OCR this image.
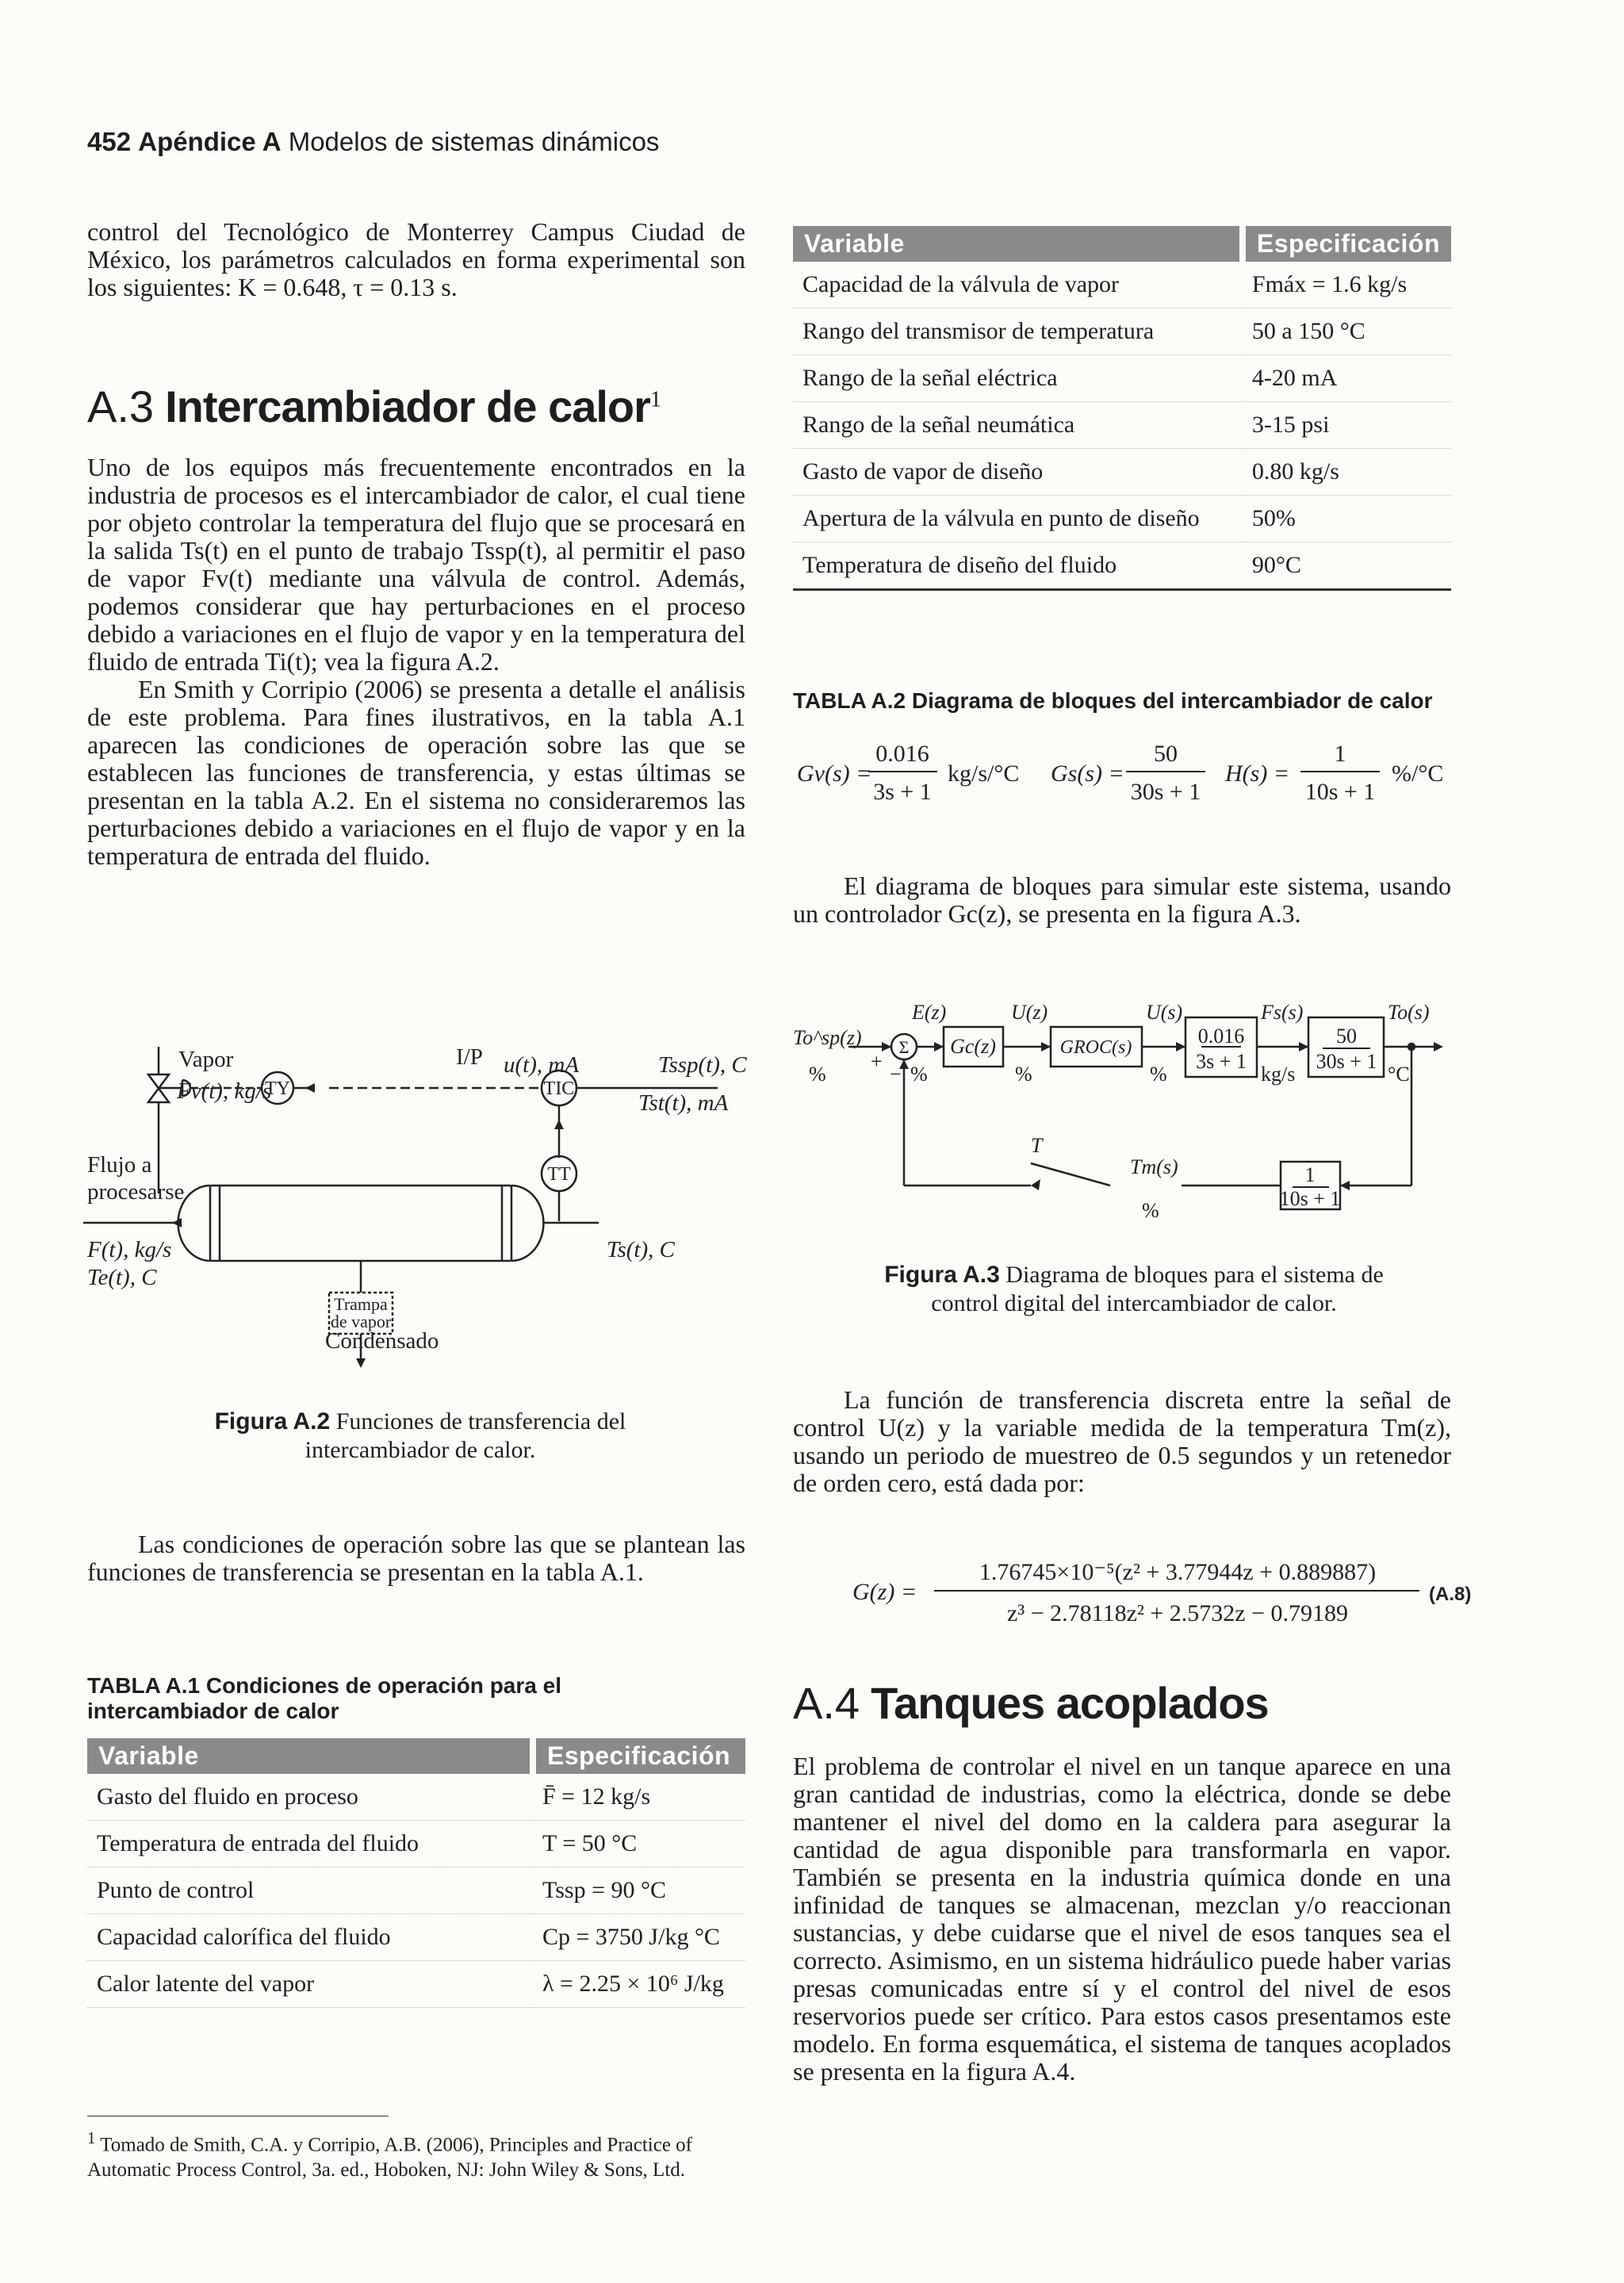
452 Apéndice A Modelos de sistemas dinámicos

control del Tecnológico de Monterrey Campus Ciudad de México, los parámetros calculados en forma experimental son los siguientes: K = 0.648, τ = 0.13 s.

A.3 Intercambiador de calor$^1$

Uno de los equipos más frecuentemente encontrados en la industria de procesos es el intercambiador de calor, el cual tiene por objeto controlar la temperatura del flujo que se procesará en la salida Ts(t) en el punto de trabajo Tssp(t), al permitir el paso de vapor Fv(t) mediante una válvula de control. Además, podemos considerar que hay perturbaciones en el proceso debido a variaciones en el flujo de vapor y en la temperatura del fluido de entrada Ti(t); vea la figura A.2.

En Smith y Corripio (2006) se presenta a detalle el análisis de este problema. Para fines ilustrativos, en la tabla A.1 aparecen las condiciones de operación sobre las que se establecen las funciones de transferencia, y estas últimas se presentan en la tabla A.2. En el sistema no consideraremos las perturbaciones debido a variaciones en el flujo de vapor y en la temperatura de entrada del fluido.

Vapor
Fv(t), kg/s
I/P u(t), mA	Tssp(t), C
Tst(t), mA
Flujo a
procesarse
F(t), kg/s
Te(t), C
Ts(t), C
Condensado
TY	TIC
TT
Trampa
de vapor
Figura A.2 Funciones de transferencia del intercambiador de calor.

Las condiciones de operación sobre las que se plantean las funciones de transferencia se presentan en la tabla A.1.

TABLA A.1 Condiciones de operación para el intercambiador de calor
Variable	Especificación
Gasto del fluido en proceso	F̄ = 12 kg/s
Temperatura de entrada del fluido	T = 50 °C
Punto de control	Tssp = 90 °C
Capacidad calorífica del fluido	Cp = 3750 J/kg °C
Calor latente del vapor	λ = 2.25 × 10⁶ J/kg
$^1$ Tomado de Smith, C.A. y Corripio, A.B. (2006), Principles and Practice of Automatic Process Control, 3a. ed., Hoboken, NJ: John Wiley & Sons, Ltd.
Variable	Especificación
Capacidad de la válvula de vapor	Fmáx = 1.6 kg/s
Rango del transmisor de temperatura	50 a 150 °C
Rango de la señal eléctrica	4-20 mA
Rango de la señal neumática	3-15 psi
Gasto de vapor de diseño	0.80 kg/s
Apertura de la válvula en punto de diseño	50%
Temperatura de diseño del fluido	90°C
TABLA A.2 Diagrama de bloques del intercambiador de calor
Gv(s) =
0.016
3s + 1
kg/s/°C Gs(s) =
50
30s + 1
H(s) =
1
10s + 1
%/°C

El diagrama de bloques para simular este sistema, usando un controlador Gc(z), se presenta en la figura A.3.

To^sp(z)
%
+
−
Σ
E(z)
%
Gc(z)
U(z)
%
GROC(s)
U(s)
%
0.016
3s + 1
Fs(s)
kg/s
50
30s + 1
To(s)
°C
T
Tm(s)
%
1
10s + 1
Figura A.3 Diagrama de bloques para el sistema de control digital del intercambiador de calor.

La función de transferencia discreta entre la señal de control U(z) y la variable medida de la temperatura Tm(z), usando un periodo de muestreo de 0.5 segundos y un retenedor de orden cero, está dada por:

G(z) =
1.76745×10⁻⁵(z² + 3.77944z + 0.889887)
z³ − 2.78118z² + 2.5732z − 0.79189
(A.8)
A.4 Tanques acoplados

El problema de controlar el nivel en un tanque aparece en una gran cantidad de industrias, como la eléctrica, donde se debe mantener el nivel del domo en la caldera para asegurar la cantidad de agua disponible para transformarla en vapor. También se presenta en la industria química donde en una infinidad de tanques se almacenan, mezclan y/o reaccionan sustancias, y debe cuidarse que el nivel de esos tanques sea el correcto. Asimismo, en un sistema hidráulico puede haber varias presas comunicadas entre sí y el control del nivel de esos reservorios puede ser crítico. Para estos casos presentamos este modelo. En forma esquemática, el sistema de tanques acoplados se presenta en la figura A.4.
